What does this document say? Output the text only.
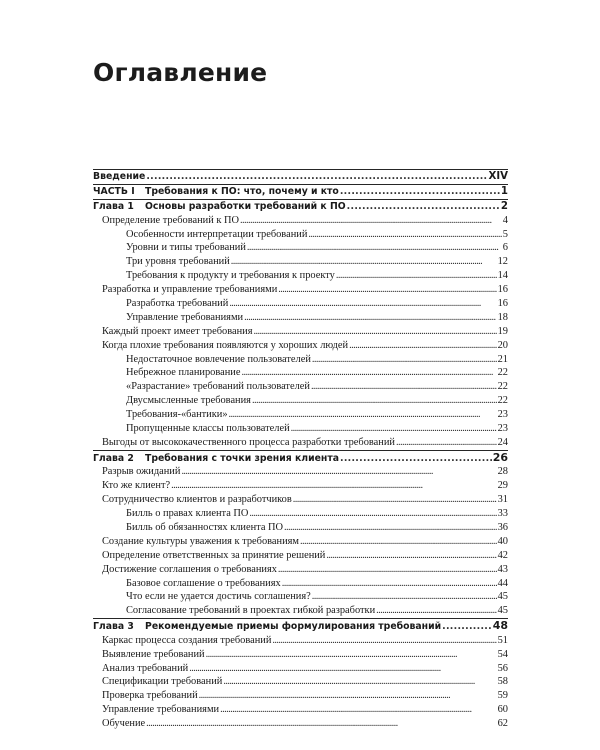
Оглавление
Введение .....	XIV
ЧАСТЬ I	Требования к ПО: что, почему и кто .....	1
Глава 1	Основы разработки требований к ПО .....	2
Определение требований к ПО . . .	4
Особенности интерпретации требований . . .	5
Уровни и типы требований . . .	6
Три уровня требований . . .	12
Требования к продукту и требования к проекту . . .	14
Разработка и управление требованиями . . .	16
Разработка требований . . .	16
Управление требованиями . . .	18
Каждый проект имеет требования . . .	19
Когда плохие требования появляются у хороших людей . . .	20
Недостаточное вовлечение пользователей . . .	21
Небрежное планирование . . .	22
«Разрастание» требований пользователей . . .	22
Двусмысленные требования . . .	22
Требования-«бантики» . . .	23
Пропущенные классы пользователей . . .	23
Выгоды от высококачественного процесса разработки требований . . .	24
Глава 2	Требования с точки зрения клиента .....	26
Разрыв ожиданий . . .	28
Кто же клиент? . . .	29
Сотрудничество клиентов и разработчиков . . .	31
Билль о правах клиента ПО . . .	33
Билль об обязанностях клиента ПО . . .	36
Создание культуры уважения к требованиям . . .	40
Определение ответственных за принятие решений . . .	42
Достижение соглашения о требованиях . . .	43
Базовое соглашение о требованиях . . .	44
Что если не удается достичь соглашения? . . .	45
Согласование требований в проектах гибкой разработки . . .	45
Глава 3	Рекомендуемые приемы формулирования требований .....	48
Каркас процесса создания требований . . .	51
Выявление требований . . .	54
Анализ требований . . .	56
Спецификации требований . . .	58
Проверка требований . . .	59
Управление требованиями . . .	60
Обучение . . .	62
